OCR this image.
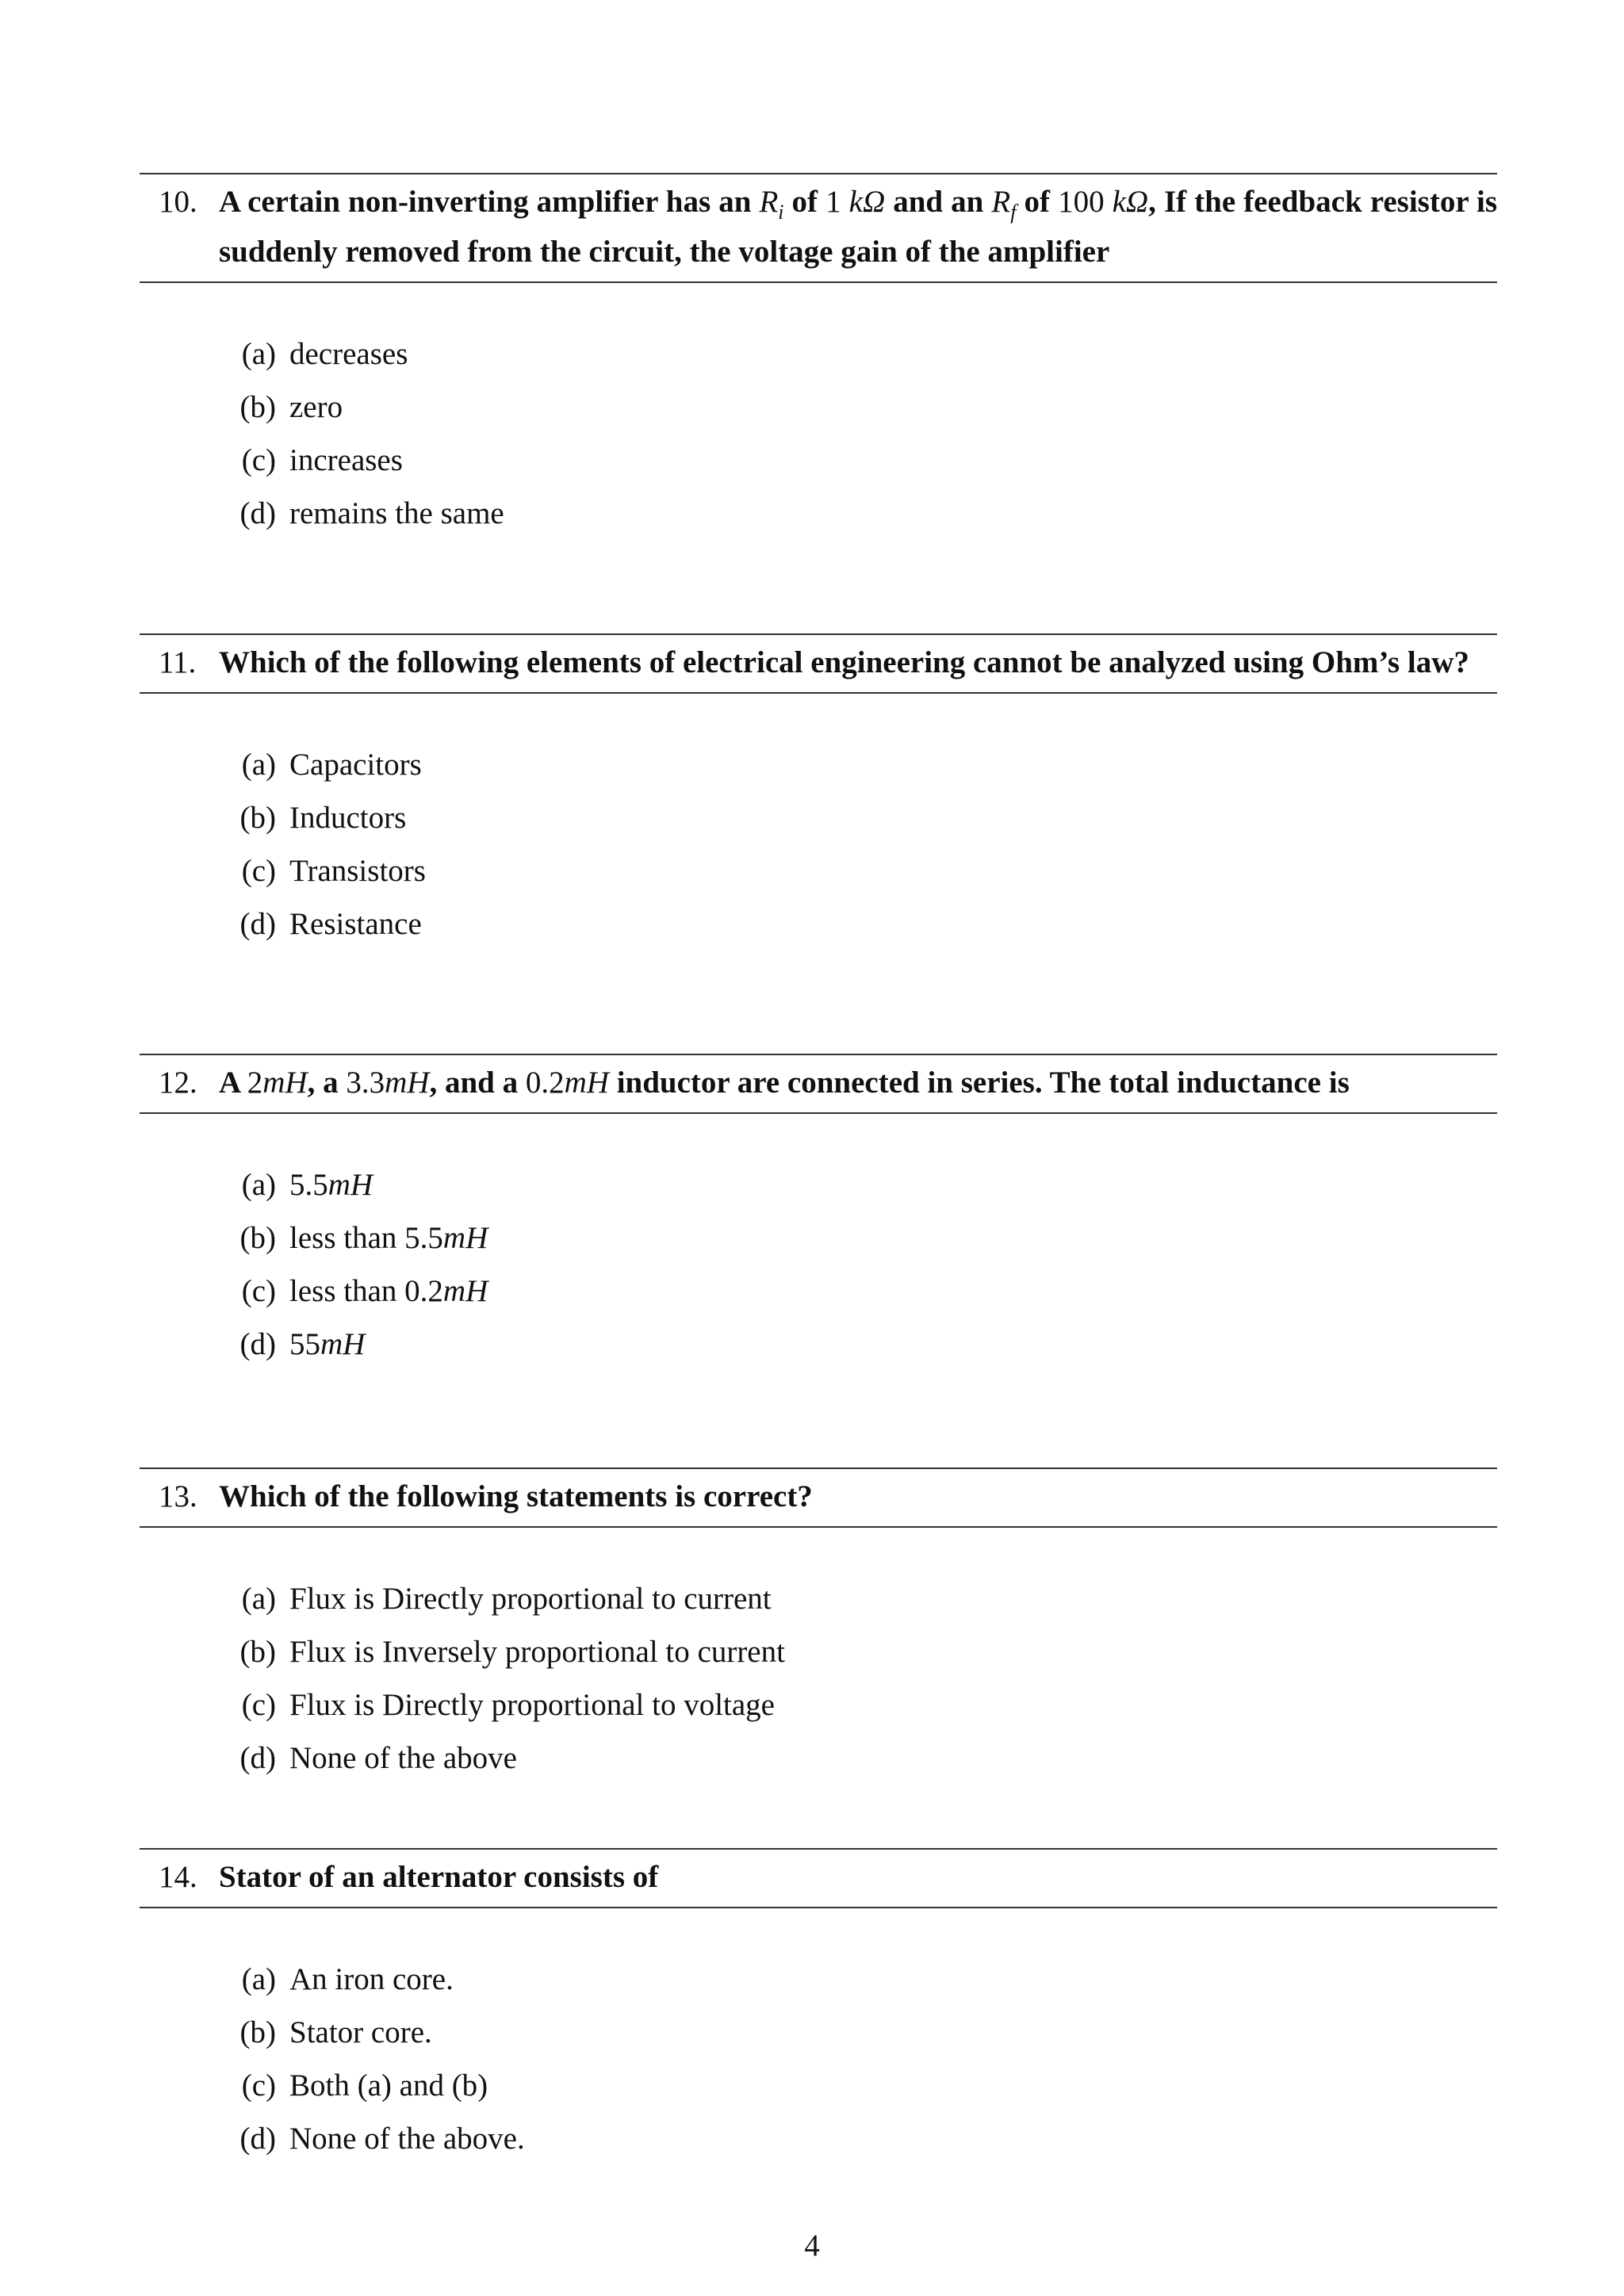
10. A certain non-inverting amplifier has an $R_i$ of 1 kΩ and an $R_f$ of 100 kΩ, If the feedback resistor is suddenly removed from the circuit, the voltage gain of the amplifier
(a) decreases
(b) zero
(c) increases
(d) remains the same
11. Which of the following elements of electrical engineering cannot be analyzed using Ohm’s law?
(a) Capacitors
(b) Inductors
(c) Transistors
(d) Resistance
12. A 2mH, a 3.3mH, and a 0.2mH inductor are connected in series. The total inductance is
(a) 5.5mH
(b) less than 5.5mH
(c) less than 0.2mH
(d) 55mH
13. Which of the following statements is correct?
(a) Flux is Directly proportional to current
(b) Flux is Inversely proportional to current
(c) Flux is Directly proportional to voltage
(d) None of the above
14. Stator of an alternator consists of
(a) An iron core.
(b) Stator core.
(c) Both (a) and (b)
(d) None of the above.
4
